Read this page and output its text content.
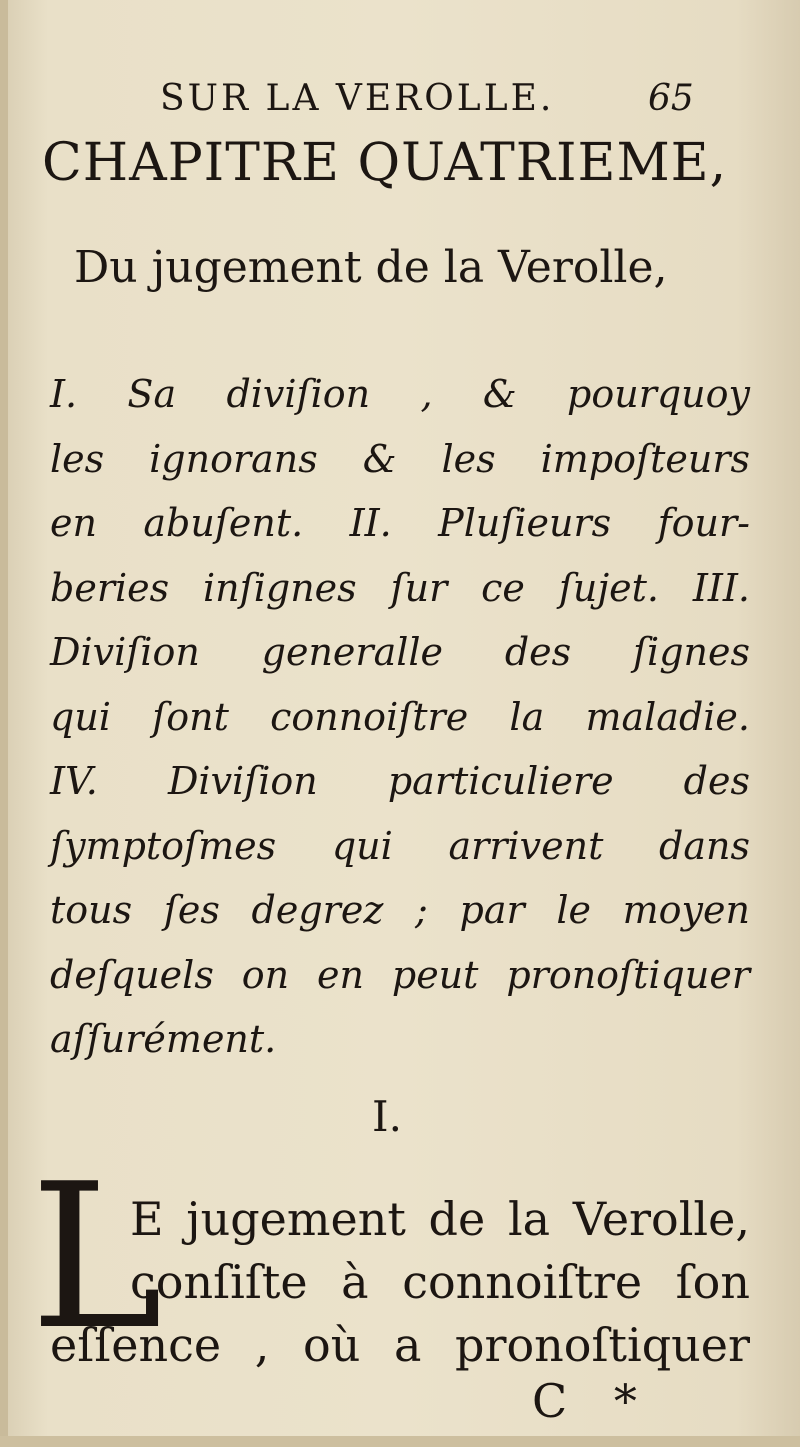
SUR LA VEROLLE.	65
CHAPITRE QUATRIEME,
Du jugement de la Verolle,
I. Sa diviſion , & pourquoy
les ignorans & les impoſteurs
en abuſent. II. Pluſieurs four-
beries inſignes ſur ce ſujet. III.
Diviſion generalle des ſignes
qui ſont connoiſtre la maladie.
IV. Diviſion particuliere des
ſymptoſmes qui arrivent dans
tous ſes degrez ; par le moyen
deſquels on en peut pronoſtiquer
aſſurément.
I.
L
E jugement de la Verolle,
conſiſte à connoiſtre ſon
eſſence , où a pronoſtiquer
C *
